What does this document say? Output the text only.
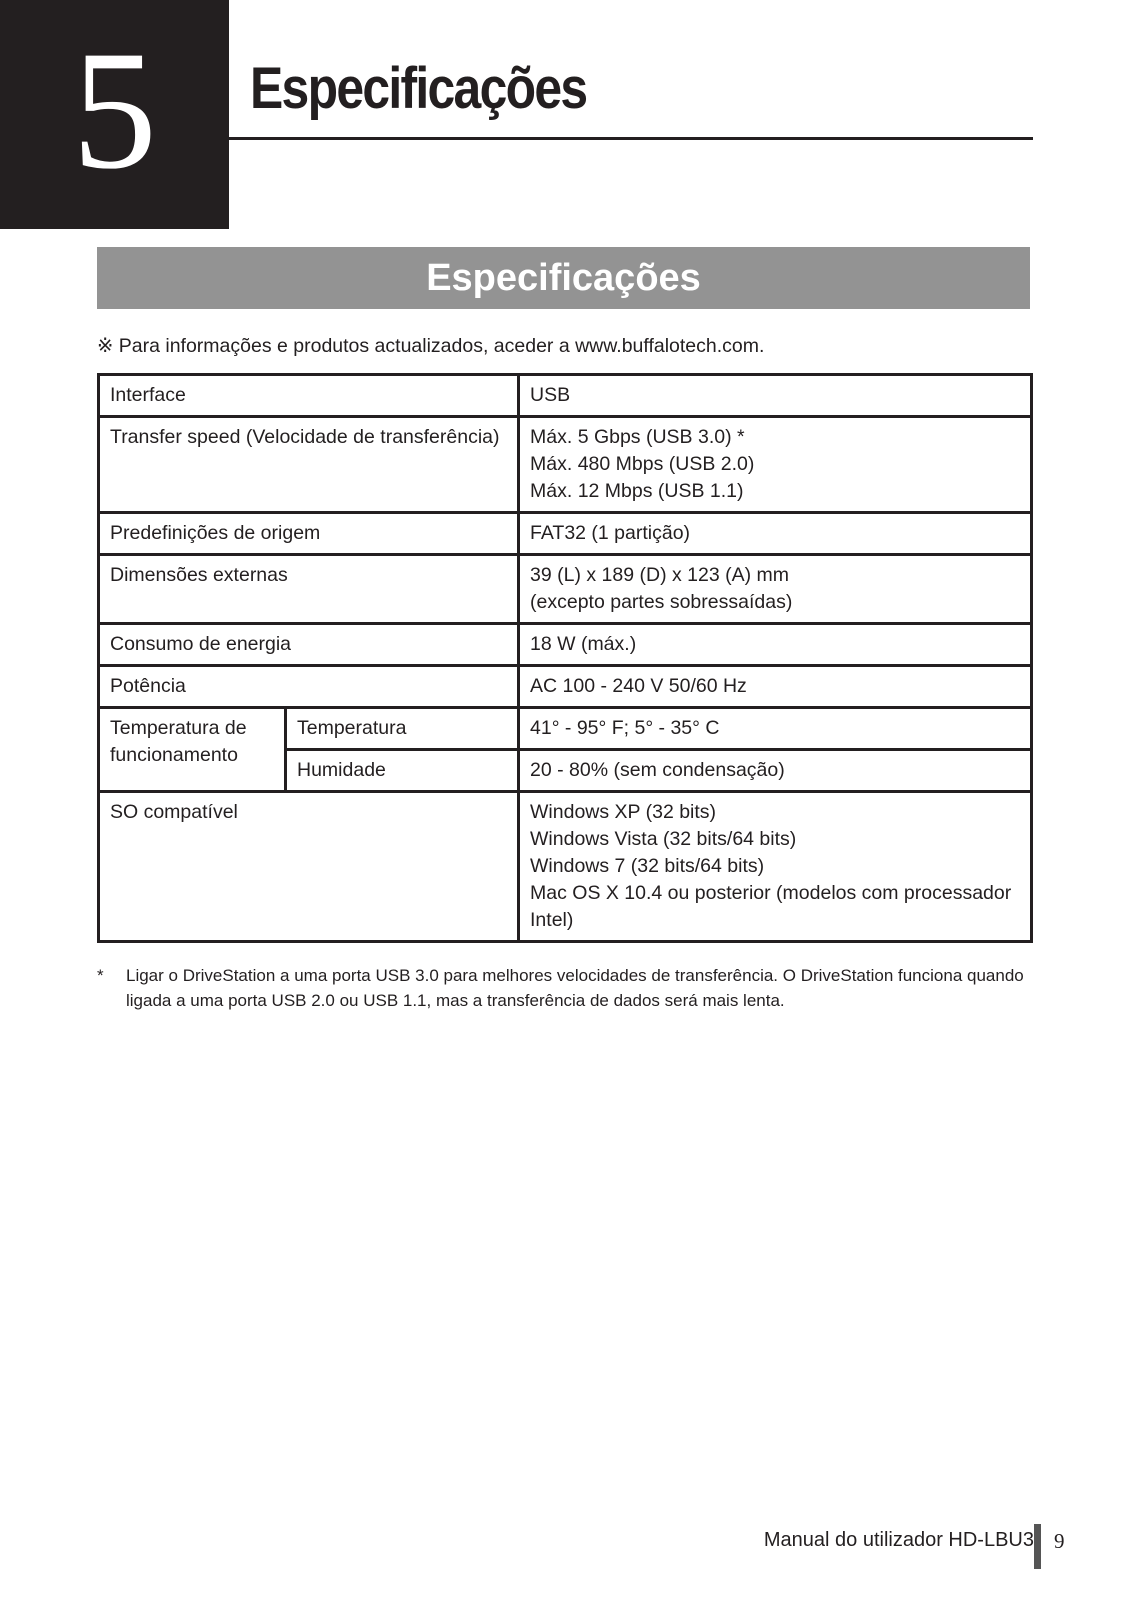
5	Especificações
Especificações
※ Para informações e produtos actualizados, aceder a www.buffalotech.com.
Interface		USB
Transfer speed (Velocidade de transferência)		Máx. 5 Gbps (USB 3.0) *
Máx. 480 Mbps (USB 2.0)
Máx. 12 Mbps (USB 1.1)

Predefinições de origem		FAT32 (1 partição)
Dimensões externas		39 (L) x 189 (D) x 123 (A) mm
(excepto partes sobressaídas)

Consumo de energia		18 W (máx.)
Potência		AC 100 - 240 V 50/60 Hz

Temperatura de
funcionamento	Temperatura	41° - 95° F; 5° - 35° C
	Humidade	20 - 80% (sem condensação)
SO compatível		Windows XP (32 bits)
Windows Vista (32 bits/64 bits)
Windows 7 (32 bits/64 bits)
Mac OS X 10.4 ou posterior (modelos com processador Intel)
* Ligar o DriveStation a uma porta USB 3.0 para melhores velocidades de transferência. O DriveStation funciona quando ligada a uma porta USB 2.0 ou USB 1.1, mas a transferência de dados será mais lenta.
Manual do utilizador HD-LBU3 9
